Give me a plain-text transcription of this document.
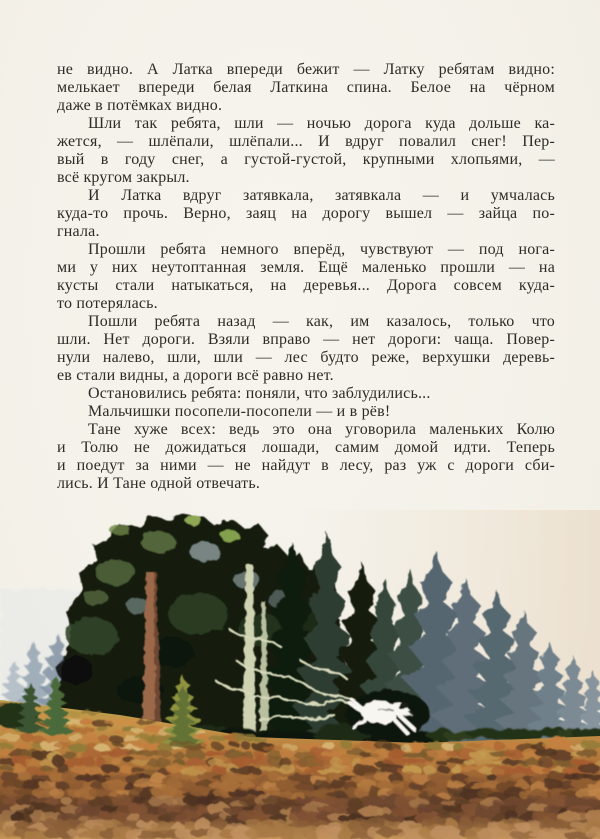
не видно. А Латка впереди бежит — Латку ребятам видно:
мелькает впереди белая Латкина спина. Белое на чёрном
даже в потёмках видно.
Шли так ребята, шли — ночью дорога куда дольше ка-
жется, — шлёпали, шлёпали... И вдруг повалил снег! Пер-
вый в году снег, а густой-густой, крупными хлопьями, —
всё кругом закрыл.
И Латка вдруг затявкала, затявкала — и умчалась
куда-то прочь. Верно, заяц на дорогу вышел — зайца по-
гнала.
Прошли ребята немного вперёд, чувствуют — под нога-
ми у них неутоптанная земля. Ещё маленько прошли — на
кусты стали натыкаться, на деревья... Дорога совсем куда-
то потерялась.
Пошли ребята назад — как, им казалось, только что
шли. Нет дороги. Взяли вправо — нет дороги: чаща. Повер-
нули налево, шли, шли — лес будто реже, верхушки деревь-
ев стали видны, а дороги всё равно нет.
Остановились ребята: поняли, что заблудились...
Мальчишки посопели-посопели — и в рёв!
Тане хуже всех: ведь это она уговорила маленьких Колю
и Толю не дожидаться лошади, самим домой идти. Теперь
и поедут за ними — не найдут в лесу, раз уж с дороги сби-
лись. И Тане одной отвечать.
